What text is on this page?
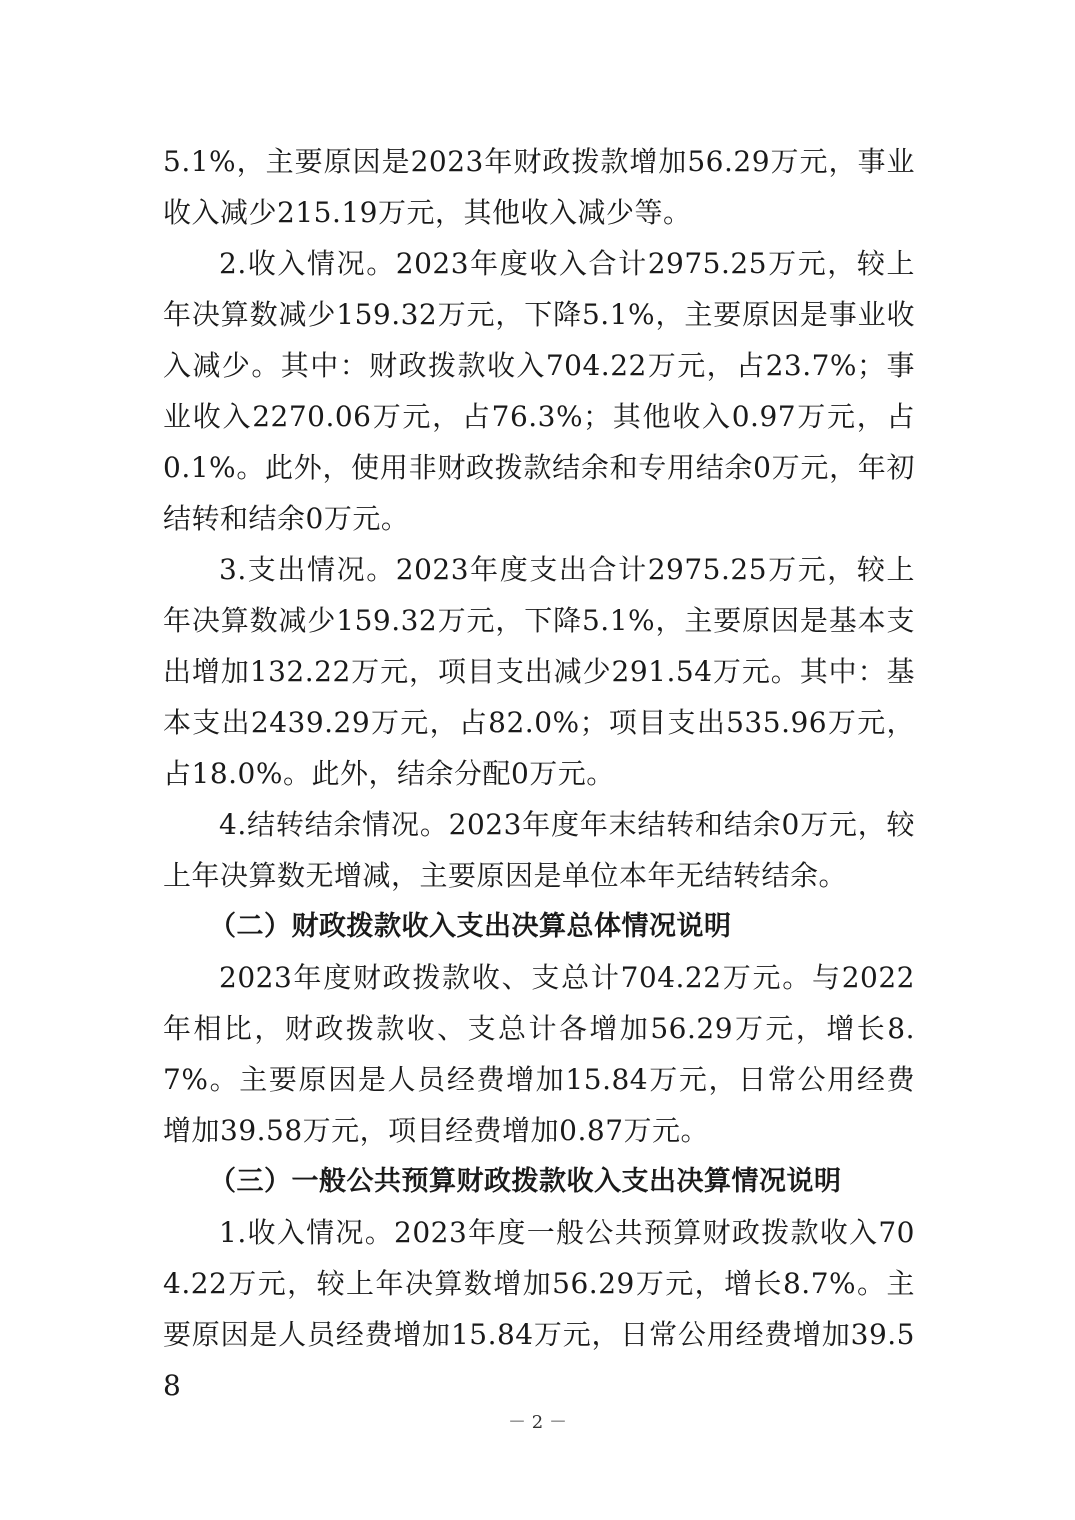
5.1%，主要原因是2023年财政拨款增加56.29万元，事业收入减少215.19万元，其他收入减少等。

2.收入情况。2023年度收入合计2975.25万元，较上年决算数减少159.32万元，下降5.1%，主要原因是事业收入减少。其中：财政拨款收入704.22万元，占23.7%；事业收入2270.06万元，占76.3%；其他收入0.97万元，占0.1%。此外，使用非财政拨款结余和专用结余0万元，年初结转和结余0万元。

3.支出情况。2023年度支出合计2975.25万元，较上年决算数减少159.32万元，下降5.1%，主要原因是基本支出增加132.22万元，项目支出减少291.54万元。其中：基本支出2439.29万元，占82.0%；项目支出535.96万元，占18.0%。此外，结余分配0万元。

4.结转结余情况。2023年度年末结转和结余0万元，较上年决算数无增减，主要原因是单位本年无结转结余。

（二）财政拨款收入支出决算总体情况说明

2023年度财政拨款收、支总计704.22万元。与2022年相比，财政拨款收、支总计各增加56.29万元，增长8.7%。主要原因是人员经费增加15.84万元，日常公用经费增加39.58万元，项目经费增加0.87万元。

（三）一般公共预算财政拨款收入支出决算情况说明

1.收入情况。2023年度一般公共预算财政拨款收入704.22万元，较上年决算数增加56.29万元，增长8.7%。主要原因是人员经费增加15.84万元，日常公用经费增加39.58

－ 2 －
